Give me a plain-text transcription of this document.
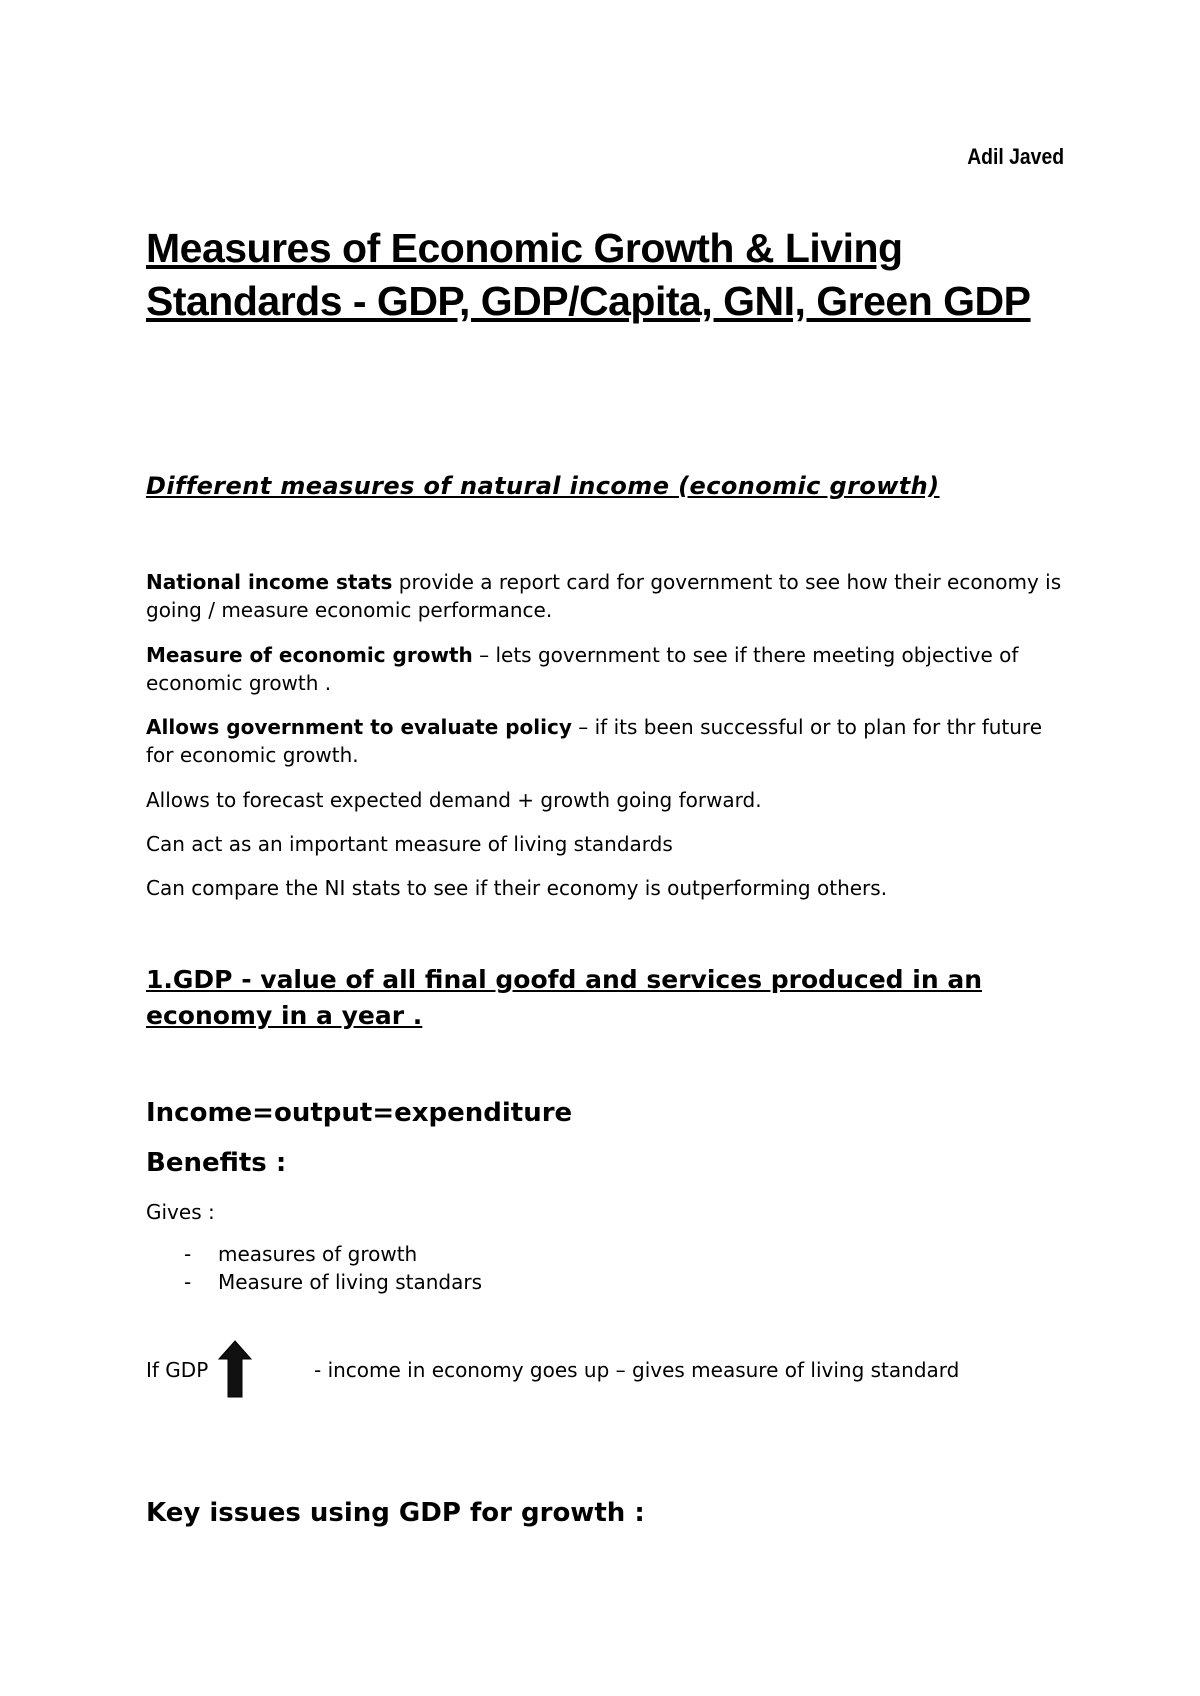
Adil Javed
Measures of Economic Growth & Living Standards - GDP, GDP/Capita, GNI, Green GDP
Different measures of natural income (economic growth)

National income stats provide a report card for government to see how their economy is going / measure economic performance.

Measure of economic growth – lets government to see if there meeting objective of economic growth .

Allows government to evaluate policy – if its been successful or to plan for thr future for economic growth.

Allows to forecast expected demand + growth going forward.

Can act as an important measure of living standards

Can compare the NI stats to see if their economy is outperforming others.

1.GDP - value of all final goofd and services produced in an economy in a year .
Income=output=expenditure
Benefits :

Gives :

- measures of growth
- Measure of living standars
If GDP	- income in economy goes up – gives measure of living standard
Key issues using GDP for growth :
